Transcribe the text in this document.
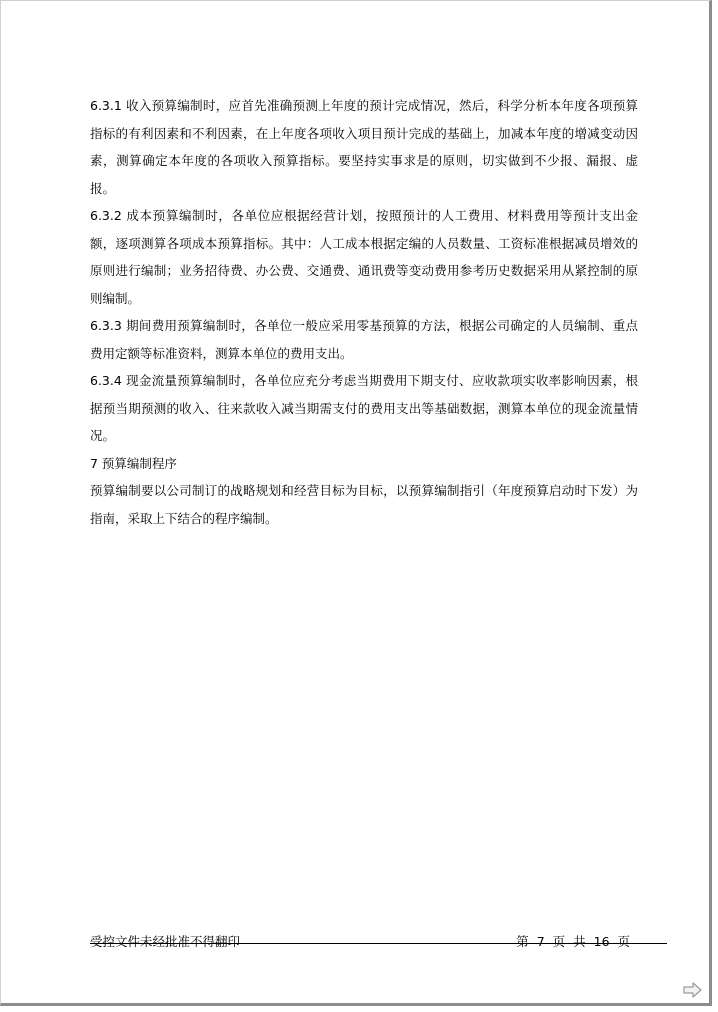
6.3.1 收入预算编制时，应首先准确预测上年度的预计完成情况，然后，科学分析本年度各项预算指标的有利因素和不利因素，在上年度各项收入项目预计完成的基础上，加减本年度的增减变动因素，测算确定本年度的各项收入预算指标。要坚持实事求是的原则，切实做到不少报、漏报、虚报。

6.3.2 成本预算编制时，各单位应根据经营计划，按照预计的人工费用、材料费用等预计支出金额，逐项测算各项成本预算指标。其中：人工成本根据定编的人员数量、工资标准根据减员增效的原则进行编制；业务招待费、办公费、交通费、通讯费等变动费用参考历史数据采用从紧控制的原则编制。

6.3.3 期间费用预算编制时，各单位一般应采用零基预算的方法，根据公司确定的人员编制、重点费用定额等标准资料，测算本单位的费用支出。

6.3.4 现金流量预算编制时，各单位应充分考虑当期费用下期支付、应收款项实收率影响因素，根据预当期预测的收入、往来款收入减当期需支付的费用支出等基础数据，测算本单位的现金流量情况。

7 预算编制程序

预算编制要以公司制订的战略规划和经营目标为目标，以预算编制指引（年度预算启动时下发）为指南，采取上下结合的程序编制。

受控文件未经批准不得翻印	第 7 页 共 16 页
